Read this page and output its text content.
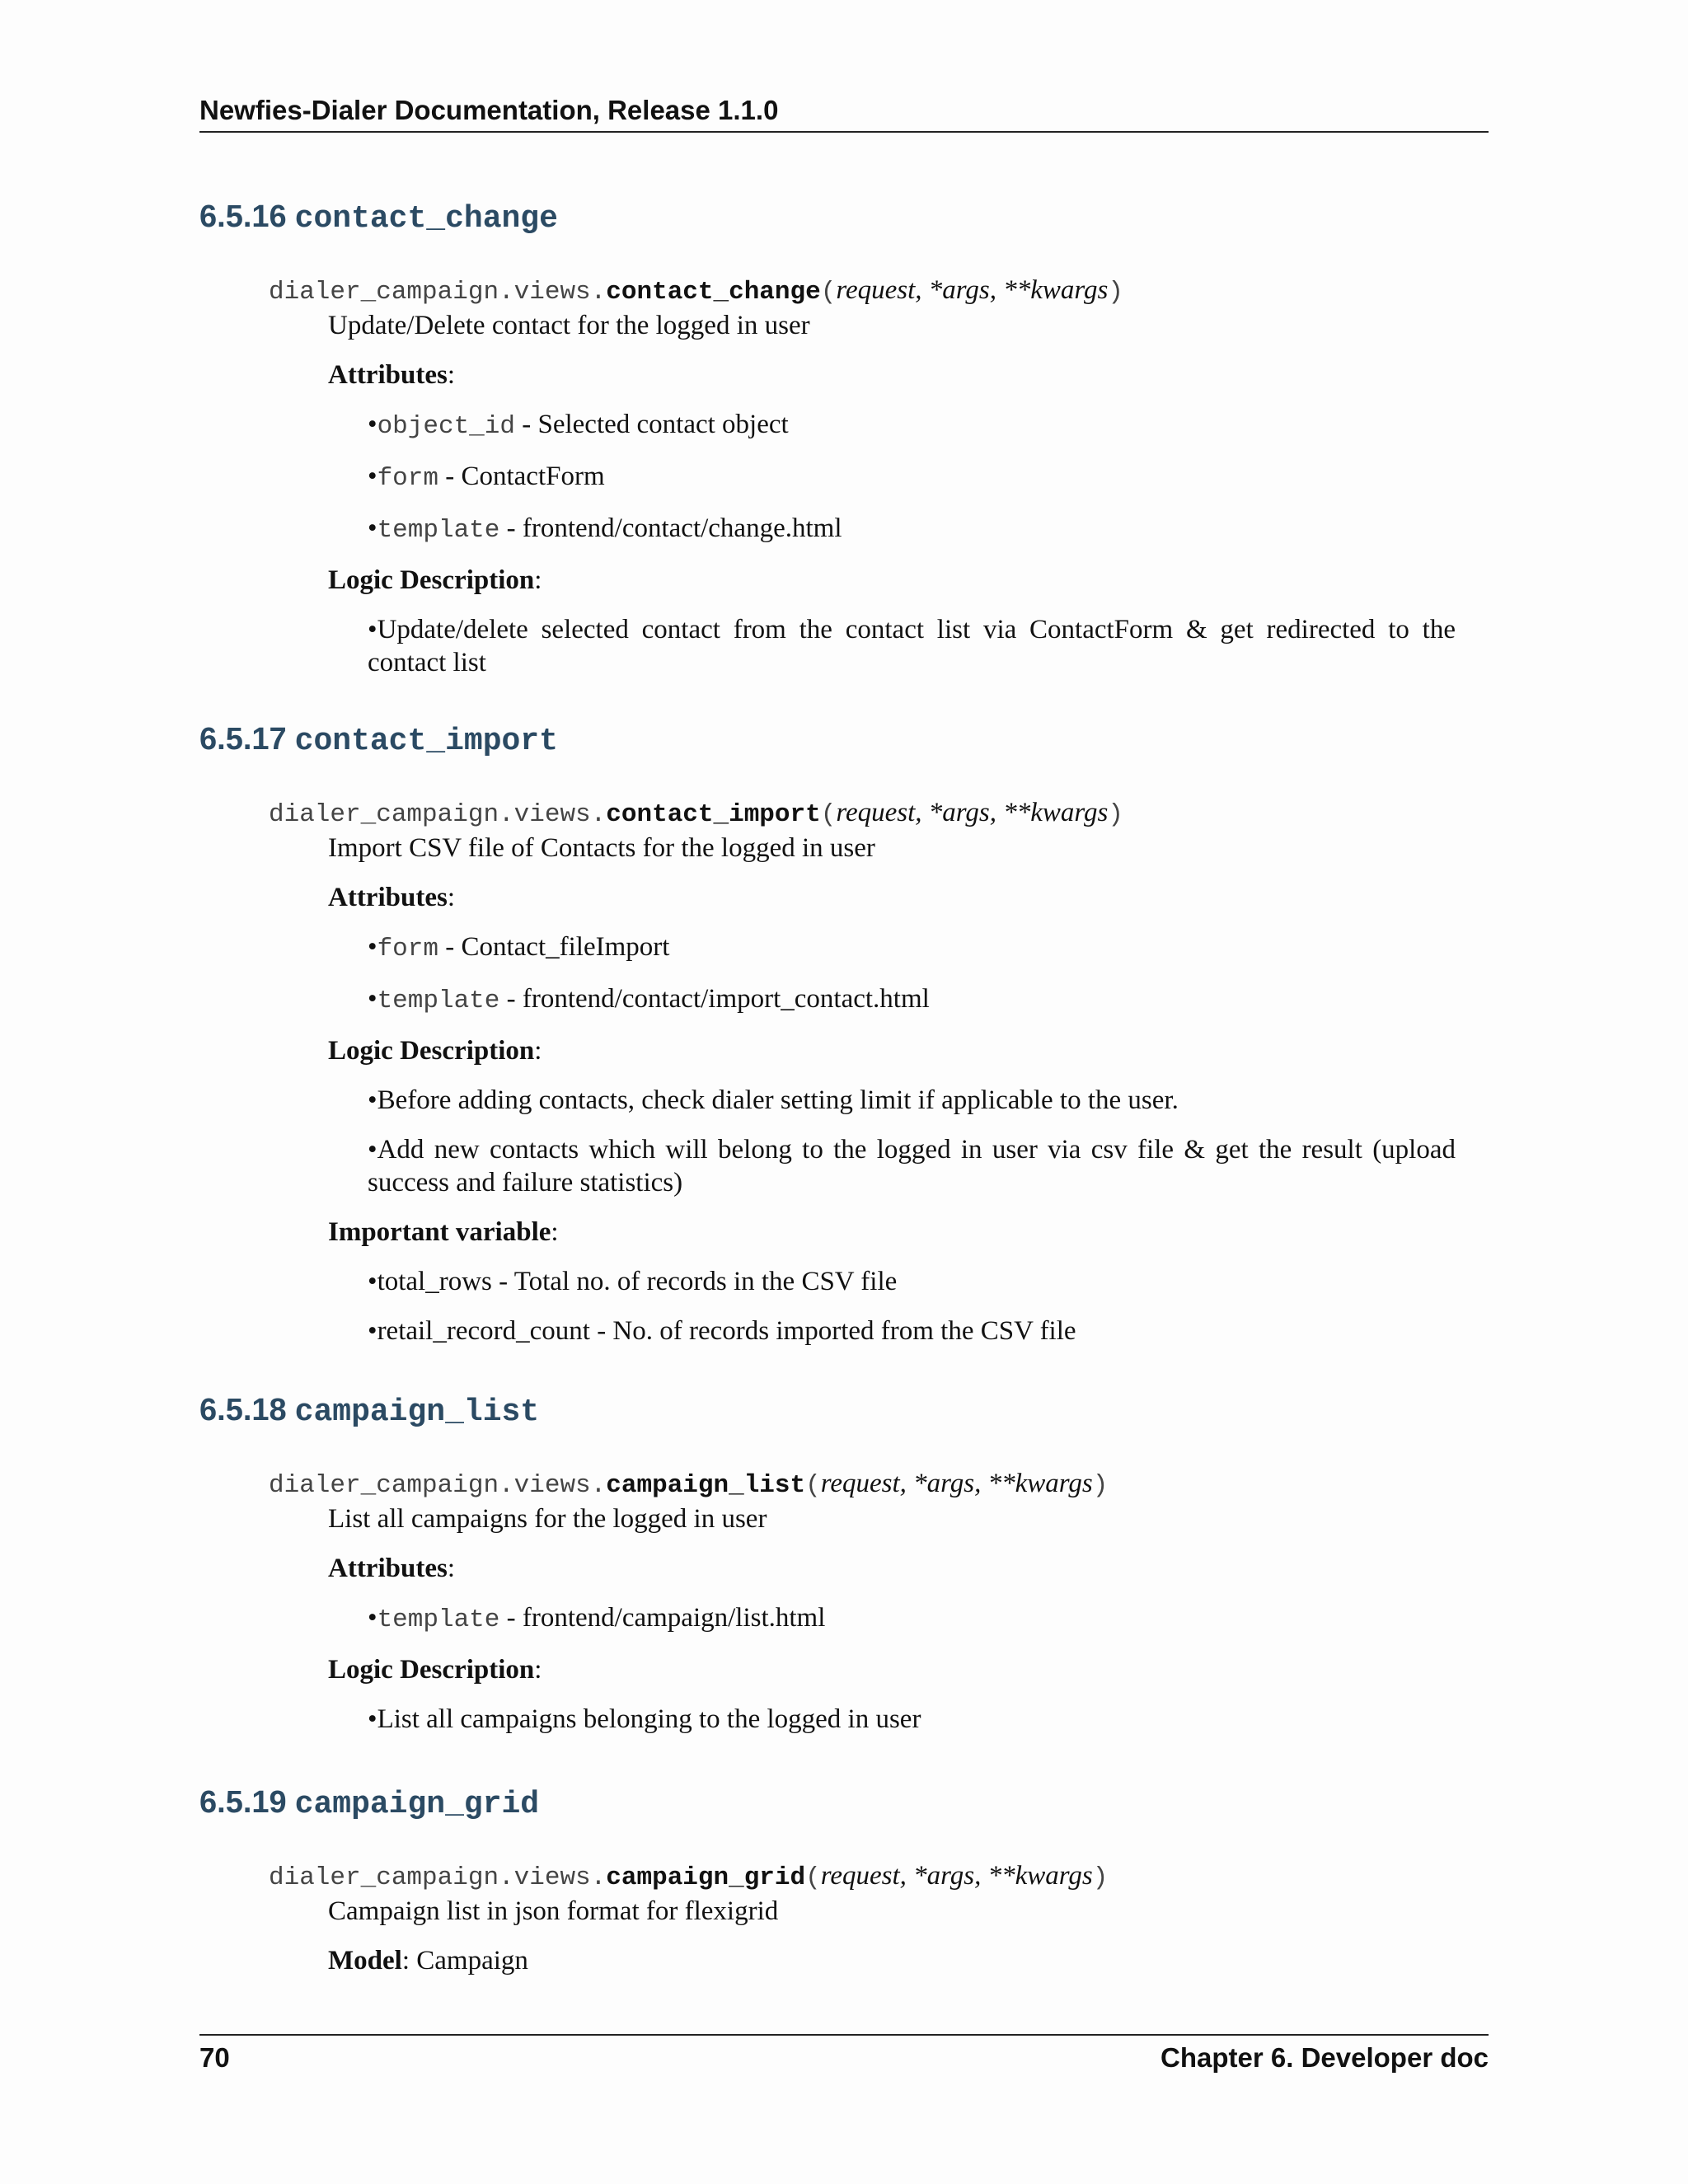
Newfies-Dialer Documentation, Release 1.1.0
6.5.16 contact_change
dialer_campaign.views.contact_change(request, *args, **kwargs)
Update/Delete contact for the logged in user
Attributes:
•object_id - Selected contact object
•form - ContactForm
•template - frontend/contact/change.html
Logic Description:
•Update/delete selected contact from the contact list via ContactForm & get redirected to the contact list
6.5.17 contact_import
dialer_campaign.views.contact_import(request, *args, **kwargs)
Import CSV file of Contacts for the logged in user
Attributes:
•form - Contact_fileImport
•template - frontend/contact/import_contact.html
Logic Description:
•Before adding contacts, check dialer setting limit if applicable to the user.
•Add new contacts which will belong to the logged in user via csv file & get the result (upload success and failure statistics)
Important variable:
•total_rows - Total no. of records in the CSV file
•retail_record_count - No. of records imported from the CSV file
6.5.18 campaign_list
dialer_campaign.views.campaign_list(request, *args, **kwargs)
List all campaigns for the logged in user
Attributes:
•template - frontend/campaign/list.html
Logic Description:
•List all campaigns belonging to the logged in user
6.5.19 campaign_grid
dialer_campaign.views.campaign_grid(request, *args, **kwargs)
Campaign list in json format for flexigrid
Model: Campaign
70	Chapter 6. Developer doc
